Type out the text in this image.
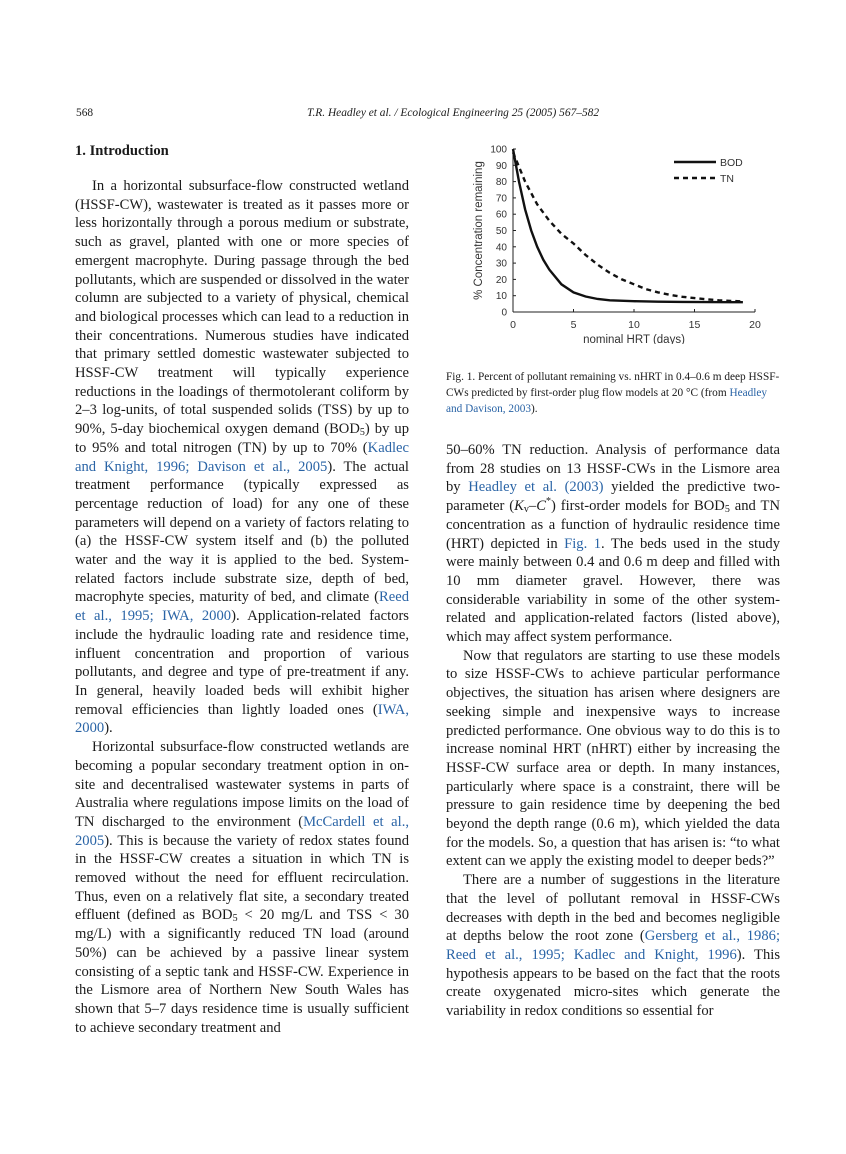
568	T.R. Headley et al. / Ecological Engineering 25 (2005) 567–582
1. Introduction

In a horizontal subsurface-flow constructed wetland (HSSF-CW), wastewater is treated as it passes more or less horizontally through a porous medium or substrate, such as gravel, planted with one or more species of emergent macrophyte. During passage through the bed pollutants, which are suspended or dissolved in the water column are subjected to a variety of physical, chemical and biological processes which can lead to a reduction in their concentrations. Numerous studies have indicated that primary settled domestic wastewater subjected to HSSF-CW treatment will typically experience reductions in the loadings of thermotolerant coliform by 2–3 log-units, of total suspended solids (TSS) by up to 90%, 5-day biochemical oxygen demand $(BOD_5)$ by up to 95% and total nitrogen (TN) by up to 70% (Kadlec and Knight, 1996; Davison et al., 2005). The actual treatment performance (typically expressed as percentage reduction of load) for any one of these parameters will depend on a variety of factors relating to (a) the HSSF-CW system itself and (b) the polluted water and the way it is applied to the bed. System-related factors include substrate size, depth of bed, macrophyte species, maturity of bed, and climate (Reed et al., 1995; IWA, 2000). Application-related factors include the hydraulic loading rate and residence time, influent concentration and proportion of various pollutants, and degree and type of pre-treatment if any. In general, heavily loaded beds will exhibit higher removal efficiencies than lightly loaded ones (IWA, 2000).

Horizontal subsurface-flow constructed wetlands are becoming a popular secondary treatment option in on-site and decentralised wastewater systems in parts of Australia where regulations impose limits on the load of TN discharged to the environment (McCardell et al., 2005). This is because the variety of redox states found in the HSSF-CW creates a situation in which TN is removed without the need for effluent recirculation. Thus, even on a relatively flat site, a secondary treated effluent (defined as $BOD_5 < 20$ mg/L and TSS < 30 mg/L) with a significantly reduced TN load (around 50%) can be achieved by a passive linear system consisting of a septic tank and HSSF-CW. Experience in the Lismore area of Northern New South Wales has shown that 5–7 days residence time is usually sufficient to achieve secondary treatment and

0
10
20
30
40
50
60
70
80
90
100
0	5	10	15	20
nominal HRT (days)
% Concentration remaining	BOD
TN
Fig. 1. Percent of pollutant remaining vs. nHRT in 0.4–0.6 m deep HSSF-CWs predicted by first-order plug flow models at 20 °C (from Headley and Davison, 2003).

50–60% TN reduction. Analysis of performance data from 28 studies on 13 HSSF-CWs in the Lismore area by Headley et al. (2003) yielded the predictive two-parameter $(K_v-C^*)$ first-order models for $BOD_5$ and TN concentration as a function of hydraulic residence time (HRT) depicted in Fig. 1. The beds used in the study were mainly between 0.4 and 0.6 m deep and filled with 10 mm diameter gravel. However, there was considerable variability in some of the other system-related and application-related factors (listed above), which may affect system performance.

Now that regulators are starting to use these models to size HSSF-CWs to achieve particular performance objectives, the situation has arisen where designers are seeking simple and inexpensive ways to increase predicted performance. One obvious way to do this is to increase nominal HRT (nHRT) either by increasing the HSSF-CW surface area or depth. In many instances, particularly where space is a constraint, there will be pressure to gain residence time by deepening the bed beyond the depth range (0.6 m), which yielded the data for the models. So, a question that has arisen is: “to what extent can we apply the existing model to deeper beds?”

There are a number of suggestions in the literature that the level of pollutant removal in HSSF-CWs decreases with depth in the bed and becomes negligible at depths below the root zone (Gersberg et al., 1986; Reed et al., 1995; Kadlec and Knight, 1996). This hypothesis appears to be based on the fact that the roots create oxygenated micro-sites which generate the variability in redox conditions so essential for
